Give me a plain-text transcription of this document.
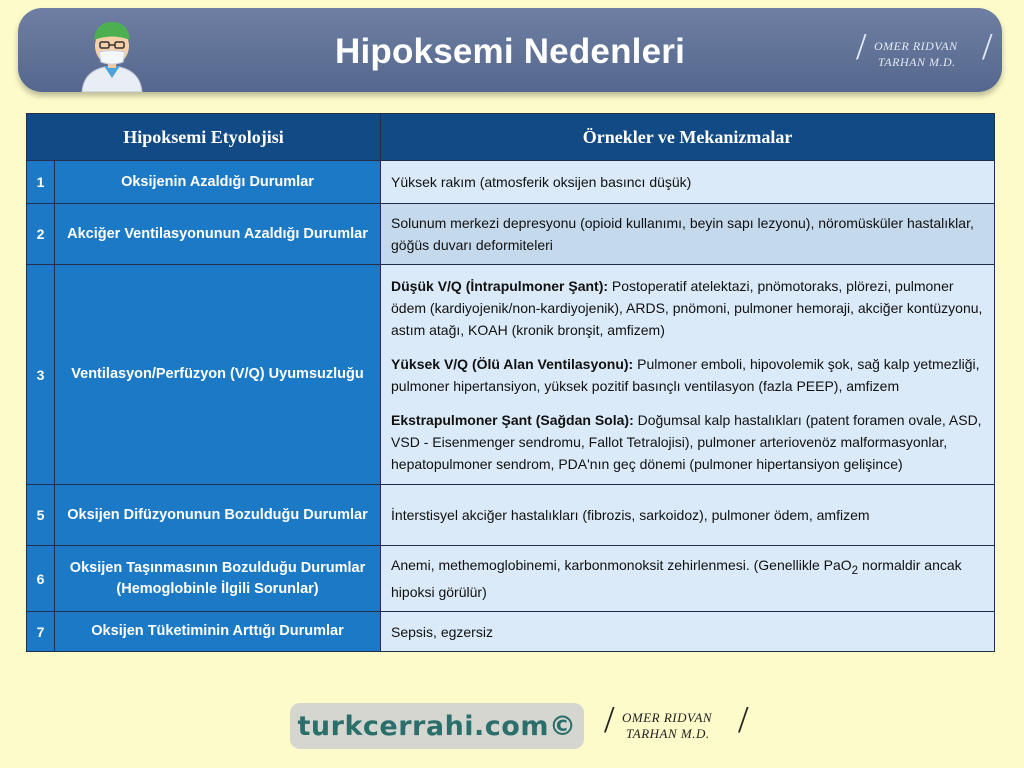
Hipoksemi Nedenleri	/ OMER RIDVAN
TARHAN M.D. /
Hipoksemi Etyolojisi		Örnekler ve Mekanizmalar
1	Oksijenin Azaldığı Durumlar	Yüksek rakım (atmosferik oksijen basıncı düşük)
2	Akciğer Ventilasyonunun Azaldığı Durumlar	Solunum merkezi depresyonu (opioid kullanımı, beyin sapı lezyonu), nöromüsküler hastalıklar, göğüs duvarı deformiteleri
3	Ventilasyon/Perfüzyon (V/Q) Uyumsuzluğu	Düşük V/Q (İntrapulmoner Şant): Postoperatif atelektazi, pnömotoraks, plörezi, pulmoner ödem (kardiyojenik/non-kardiyojenik), ARDS, pnömoni, pulmoner hemoraji, akciğer kontüzyonu, astım atağı, KOAH (kronik bronşit, amfizem)

Yüksek V/Q (Ölü Alan Ventilasyonu): Pulmoner emboli, hipovolemik şok, sağ kalp yetmezliği, pulmoner hipertansiyon, yüksek pozitif basınçlı ventilasyon (fazla PEEP), amfizem

Ekstrapulmoner Şant (Sağdan Sola): Doğumsal kalp hastalıkları (patent foramen ovale, ASD, VSD - Eisenmenger sendromu, Fallot Tetralojisi), pulmoner arteriovenöz malformasyonlar, hepatopulmoner sendrom, PDA'nın geç dönemi (pulmoner hipertansiyon gelişince)

5	Oksijen Difüzyonunun Bozulduğu Durumlar	İnterstisyel akciğer hastalıkları (fibrozis, sarkoidoz), pulmoner ödem, amfizem
6	Oksijen Taşınmasının Bozulduğu Durumlar
(Hemoglobinle İlgili Sorunlar)	Anemi, methemoglobinemi, karbonmonoksit zehirlenmesi. (Genellikle PaO$_2$ normaldir ancak hipoksi görülür)
7	Oksijen Tüketiminin Arttığı Durumlar	Sepsis, egzersiz
turkcerrahi.com© / OMER RIDVAN
TARHAN M.D. /
